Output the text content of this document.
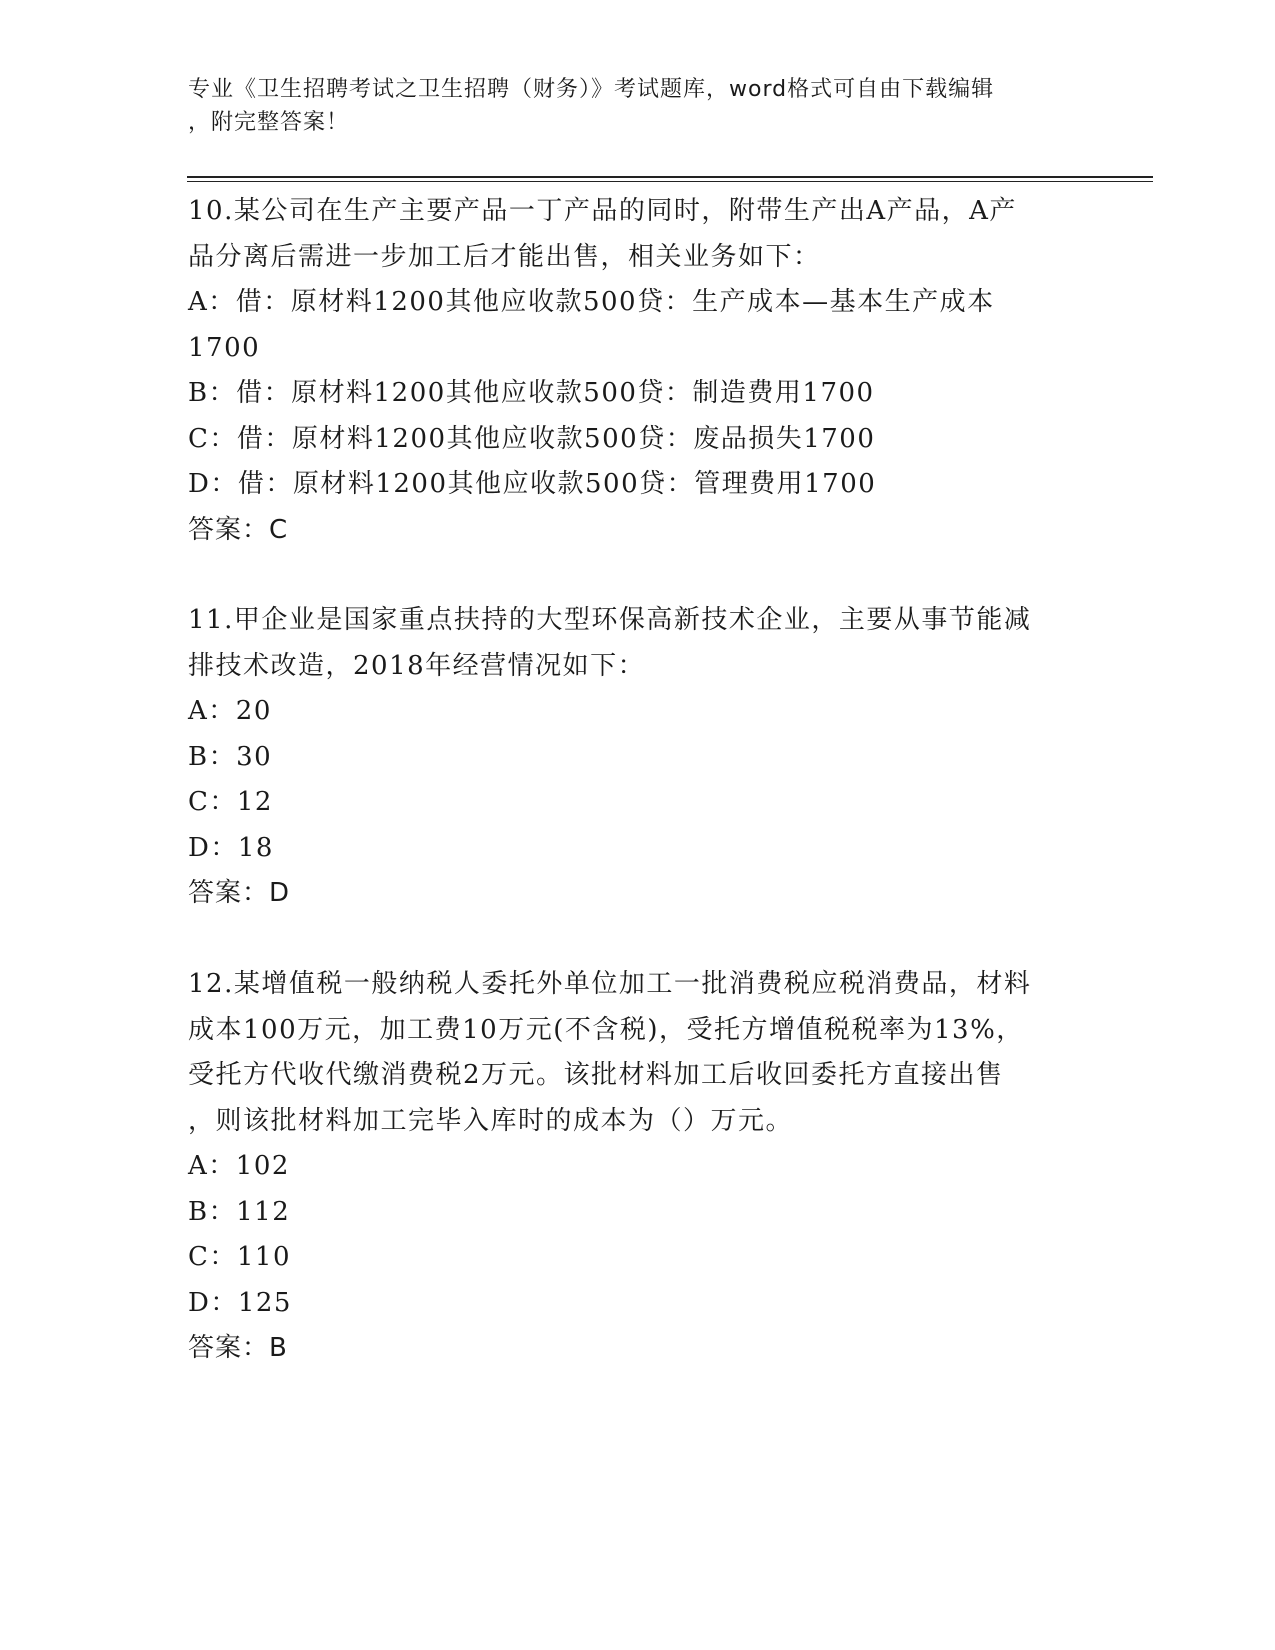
专业《卫生招聘考试之卫生招聘（财务）》考试题库，word格式可自由下载编辑
，附完整答案！
10.某公司在生产主要产品一丁产品的同时，附带生产出A产品，A产
品分离后需进一步加工后才能出售，相关业务如下：
A：借：原材料1200其他应收款500贷：生产成本—基本生产成本
1700
B：借：原材料1200其他应收款500贷：制造费用1700
C：借：原材料1200其他应收款500贷：废品损失1700
D：借：原材料1200其他应收款500贷：管理费用1700
答案：C
11.甲企业是国家重点扶持的大型环保高新技术企业，主要从事节能减
排技术改造，2018年经营情况如下：
A：20
B：30
C：12
D：18
答案：D
12.某增值税一般纳税人委托外单位加工一批消费税应税消费品，材料
成本100万元，加工费10万元(不含税)，受托方增值税税率为13%，
受托方代收代缴消费税2万元。该批材料加工后收回委托方直接出售
，则该批材料加工完毕入库时的成本为（）万元。
A：102
B：112
C：110
D：125
答案：B
